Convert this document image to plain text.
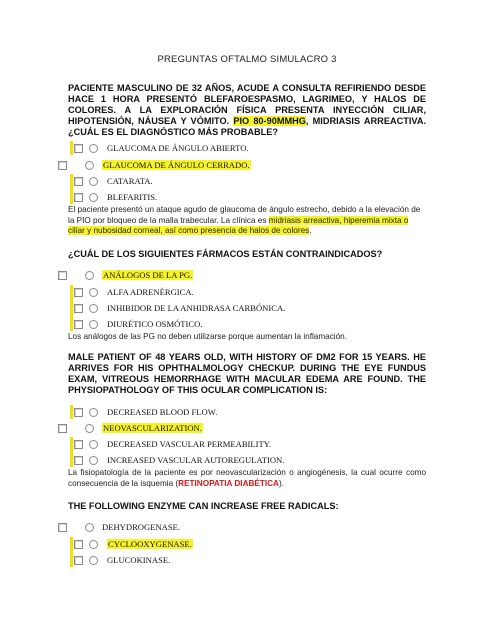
PREGUNTAS OFTALMO SIMULACRO 3
PACIENTE MASCULINO DE 32 AÑOS, ACUDE A CONSULTA REFIRIENDO DESDE HACE 1 HORA PRESENTÓ BLEFAROESPASMO, LAGRIMEO, Y HALOS DE COLORES. A LA EXPLORACIÓN FÍSICA PRESENTA INYECCIÓN CILIAR, HIPOTENSIÓN, NÁUSEA Y VÓMITO. PIO 80-90MMHG, MIDRIASIS ARREACTIVA. ¿CUÁL ES EL DIAGNÓSTICO MÁS PROBABLE?
GLAUCOMA DE ÁNGULO ABIERTO.
GLAUCOMA DE ÁNGULO CERRADO.
CATARATA.
BLEFARITIS.
El paciente presentó un ataque agudo de glaucoma de ángulo estrecho, debido a la elevación de la PIO por bloqueo de la malla trabecular. La clínica es midriasis arreactiva, hiperemia mixta o ciliar y nubosidad corneal, así como presencia de halos de colores.
¿CUÁL DE LOS SIGUIENTES FÁRMACOS ESTÁN CONTRAINDICADOS?
ANÁLOGOS DE LA PG.
ALFA ADRENÉRGICA.
INHIBIDOR DE LA ANHIDRASA CARBÓNICA.
DIURÉTICO OSMÓTICO.
Los análogos de las PG no deben utilizarse porque aumentan la inflamación.
MALE PATIENT OF 48 YEARS OLD, WITH HISTORY OF DM2 FOR 15 YEARS. HE ARRIVES FOR HIS OPHTHALMOLOGY CHECKUP. DURING THE EYE FUNDUS EXAM, VITREOUS HEMORRHAGE WITH MACULAR EDEMA ARE FOUND. THE PHYSIOPATHOLOGY OF THIS OCULAR COMPLICATION IS:
DECREASED BLOOD FLOW.
NEOVASCULARIZATION.
DECREASED VASCULAR PERMEABILITY.
INCREASED VASCULAR AUTOREGULATION.
La fisiopatología de la paciente es por neovascularización o angiogénesis, la cual ocurre como consecuencia de la isquemia (RETINOPATIA DIABÉTICA).
THE FOLLOWING ENZYME CAN INCREASE FREE RADICALS:
DEHYDROGENASE.
CYCLOOXYGENASE.
GLUCOKINASE.
